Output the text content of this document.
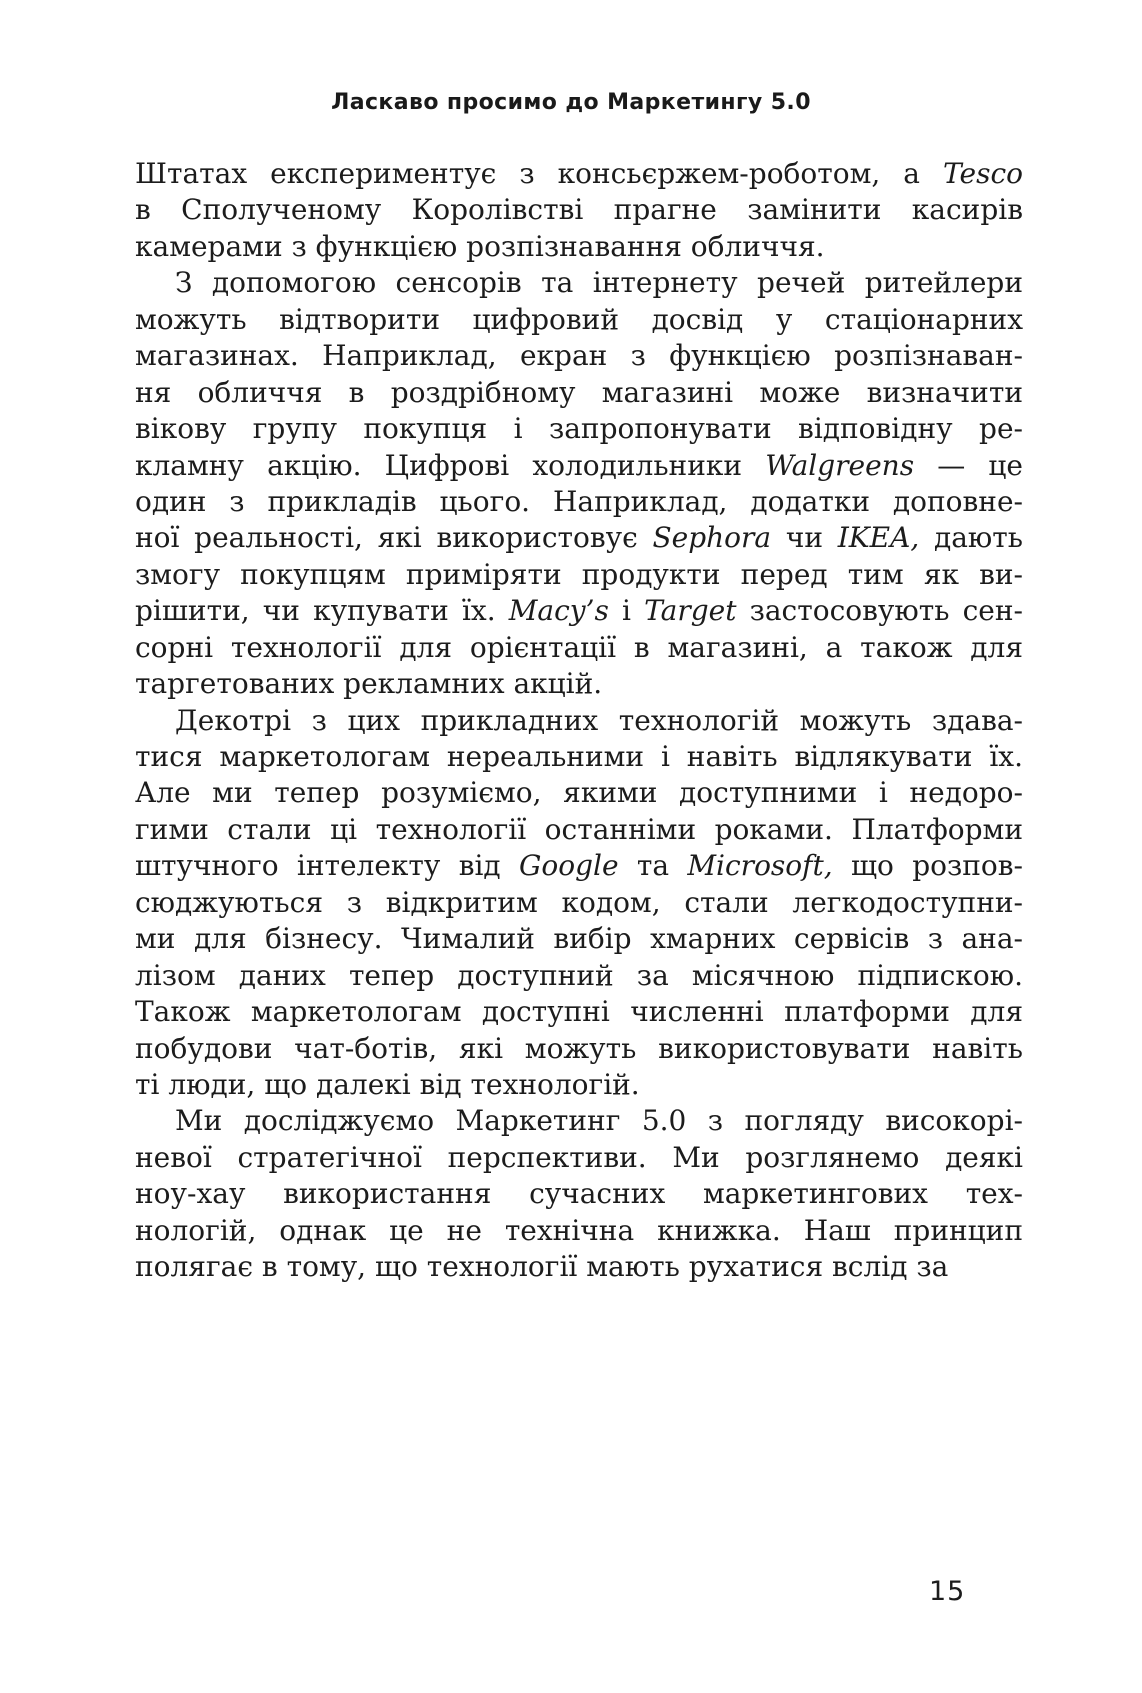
Ласкаво просимо до Маркетингу 5.0
Штатах експериментує з консьєржем-роботом, а Tesco
в Сполученому Королівстві прагне замінити касирів
камерами з функцією розпізнавання обличчя.
З допомогою сенсорів та інтернету речей ритейлери
можуть відтворити цифровий досвід у стаціонарних
магазинах. Наприклад, екран з функцією розпізнаван-
ня обличчя в роздрібному магазині може визначити
вікову групу покупця і запропонувати відповідну ре-
кламну акцію. Цифрові холодильники Walgreens — це
один з прикладів цього. Наприклад, додатки доповне-
ної реальності, які використовує Sephora чи IKEA, дають
змогу покупцям приміряти продукти перед тим як ви-
рішити, чи купувати їх. Macy’s і Target застосовують сен-
сорні технології для орієнтації в магазині, а також для
таргетованих рекламних акцій.
Декотрі з цих прикладних технологій можуть здава-
тися маркетологам нереальними і навіть відлякувати їх.
Але ми тепер розуміємо, якими доступними і недоро-
гими стали ці технології останніми роками. Платформи
штучного інтелекту від Google та Microsoft, що розпов-
сюджуються з відкритим кодом, стали легкодоступни-
ми для бізнесу. Чималий вибір хмарних сервісів з ана-
лізом даних тепер доступний за місячною підпискою.
Також маркетологам доступні численні платформи для
побудови чат-ботів, які можуть використовувати навіть
ті люди, що далекі від технологій.
Ми досліджуємо Маркетинг 5.0 з погляду високорі-
невої стратегічної перспективи. Ми розглянемо деякі
ноу-хау використання сучасних маркетингових тех-
нологій, однак це не технічна книжка. Наш принцип
полягає в тому, що технології мають рухатися вслід за
15
